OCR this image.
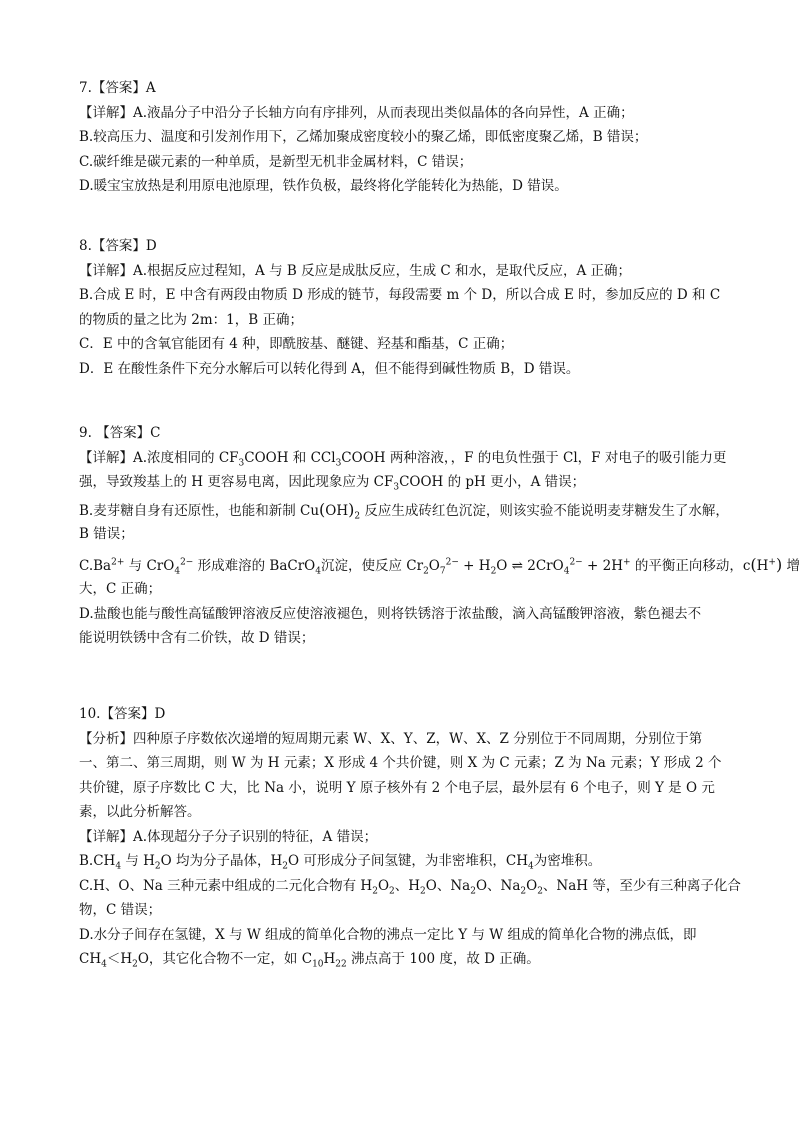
7.【答案】A
【详解】A.液晶分子中沿分子长轴方向有序排列，从而表现出类似晶体的各向异性，A 正确；
B.较高压力、温度和引发剂作用下，乙烯加聚成密度较小的聚乙烯，即低密度聚乙烯，B 错误；
C.碳纤维是碳元素的一种单质，是新型无机非金属材料，C 错误；
D.暖宝宝放热是利用原电池原理，铁作负极，最终将化学能转化为热能，D 错误。
8.【答案】D
【详解】A.根据反应过程知，A 与 B 反应是成肽反应，生成 C 和水，是取代反应，A 正确；
B.合成 E 时，E 中含有两段由物质 D 形成的链节，每段需要 m 个 D，所以合成 E 时，参加反应的 D 和 C
的物质的量之比为 2m：1，B 正确；
C．E 中的含氧官能团有 4 种，即酰胺基、醚键、羟基和酯基，C 正确；
D．E 在酸性条件下充分水解后可以转化得到 A，但不能得到碱性物质 B，D 错误。
9. 【答案】C
【详解】A.浓度相同的 $CF_3COOH$ 和 CCl$_3$COOH 两种溶液，，F 的电负性强于 Cl，F 对电子的吸引能力更
强，导致羧基上的 H 更容易电离，因此现象应为 $CF_3COOH$ 的 pH 更小，A 错误；
B.麦芽糖自身有还原性，也能和新制 $Cu(OH)_2$ 反应生成砖红色沉淀，则该实验不能说明麦芽糖发生了水解，
B 错误；
$C.Ba^{2+}$ 与 CrO$_4^{2-}$ 形成难溶的 BaCrO$_4$沉淀，使反应 $Cr_2O_7^{2-} + H_2O$ ⇌ 2CrO$_4^{2-}$ + 2H+ 的平衡正向移动，c(H+) 增
大，C 正确；
D.盐酸也能与酸性高锰酸钾溶液反应使溶液褪色，则将铁锈溶于浓盐酸，滴入高锰酸钾溶液，紫色褪去不
能说明铁锈中含有二价铁，故 D 错误；
10.【答案】D
【分析】四种原子序数依次递增的短周期元素 W、X、Y、Z，W、X、Z 分别位于不同周期，分别位于第
一、第二、第三周期，则 W 为 H 元素；X 形成 4 个共价键，则 X 为 C 元素；Z 为 Na 元素；Y 形成 2 个
共价键，原子序数比 C 大，比 Na 小，说明 Y 原子核外有 2 个电子层，最外层有 6 个电子，则 Y 是 O 元
素，以此分析解答。
【详解】A.体现超分子分子识别的特征，A 错误；
$B.CH_4$ 与 $H_2O$ 均为分子晶体，$H_2O$ 可形成分子间氢键，为非密堆积，$CH_4$为密堆积。
C.H、O、Na 三种元素中组成的二元化合物有 $H_2O_2$、$H_2O$、$Na_2O$、$Na_2O_2$、NaH 等，至少有三种离子化合
物，C 错误；
D.水分子间存在氢键，X 与 W 组成的简单化合物的沸点一定比 Y 与 W 组成的简单化合物的沸点低，即
$CH_4<H_2O$，其它化合物不一定，如 $C_{10}H_{22}$ 沸点高于 100 度，故 D 正确。
